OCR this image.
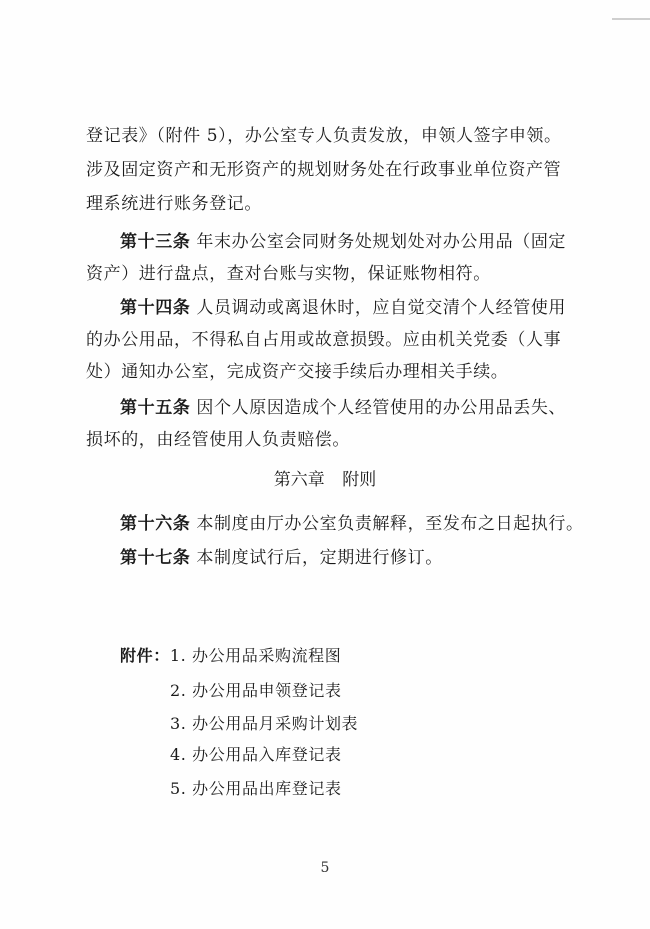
登记表》（附件 5），办公室专人负责发放，申领人签字申领。
涉及固定资产和无形资产的规划财务处在行政事业单位资产管
理系统进行账务登记。
第十三条 年末办公室会同财务处规划处对办公用品（固定
资产）进行盘点，查对台账与实物，保证账物相符。
第十四条 人员调动或离退休时，应自觉交清个人经管使用
的办公用品，不得私自占用或故意损毁。应由机关党委（人事
处）通知办公室，完成资产交接手续后办理相关手续。
第十五条 因个人原因造成个人经管使用的办公用品丢失、
损坏的，由经管使用人负责赔偿。
第六章 附则
第十六条 本制度由厅办公室负责解释，至发布之日起执行。
第十七条 本制度试行后，定期进行修订。
附件：1. 办公用品采购流程图
2. 办公用品申领登记表
3. 办公用品月采购计划表
4. 办公用品入库登记表
5. 办公用品出库登记表
5
